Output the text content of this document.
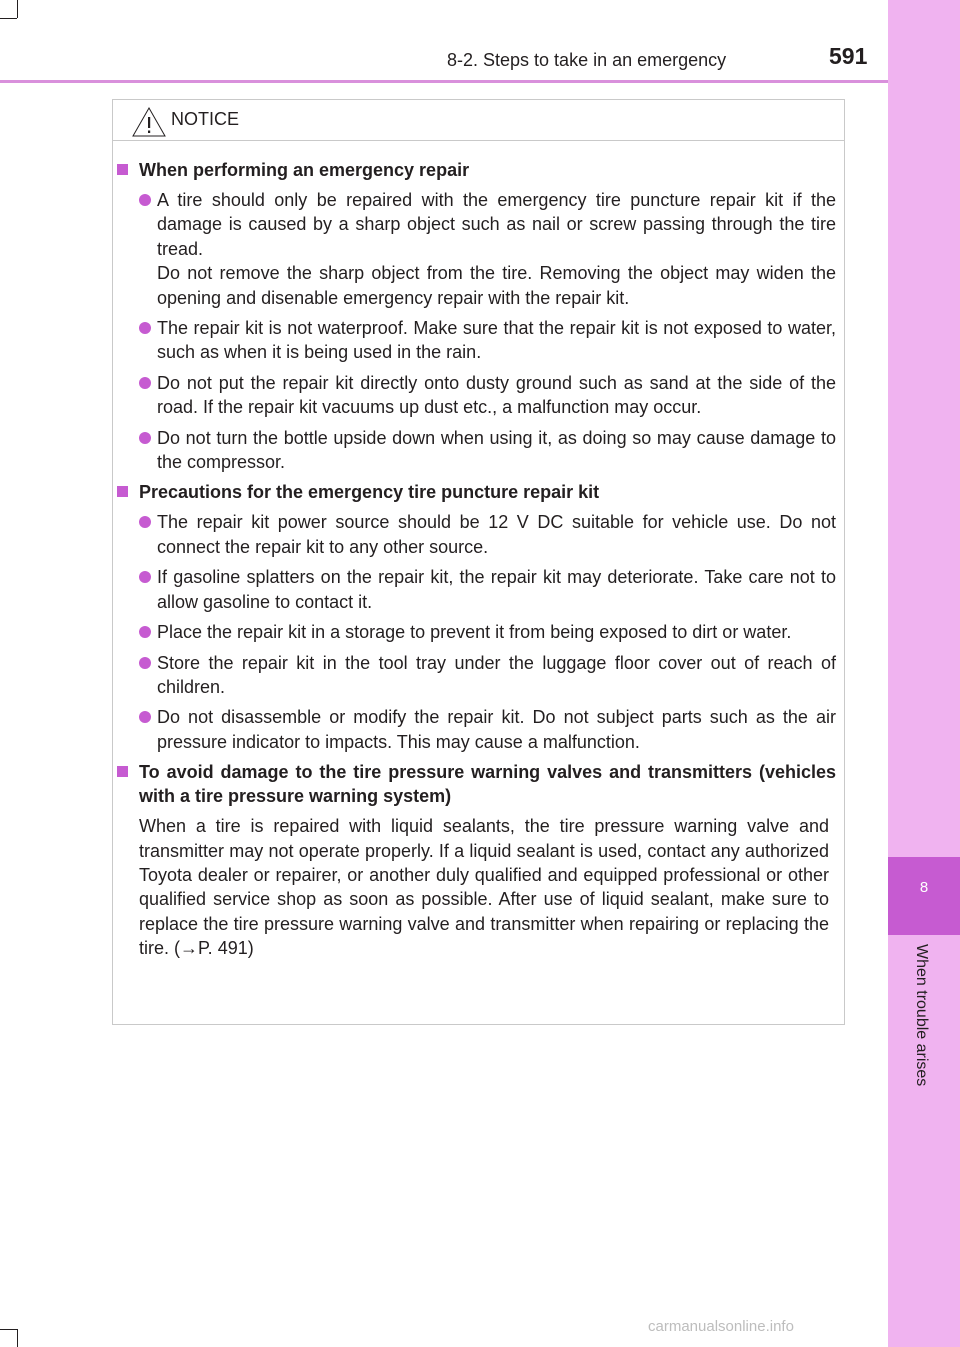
8
When trouble arises
8-2. Steps to take in an emergency	591
NOTICE
When performing an emergency repair

A tire should only be repaired with the emergency tire puncture repair kit if the damage is caused by a sharp object such as nail or screw passing through the tire tread.

Do not remove the sharp object from the tire. Removing the object may widen the opening and disenable emergency repair with the repair kit.

The repair kit is not waterproof. Make sure that the repair kit is not exposed to water, such as when it is being used in the rain.

Do not put the repair kit directly onto dusty ground such as sand at the side of the road. If the repair kit vacuums up dust etc., a malfunction may occur.

Do not turn the bottle upside down when using it, as doing so may cause damage to the compressor.

Precautions for the emergency tire puncture repair kit

The repair kit power source should be 12 V DC suitable for vehicle use. Do not connect the repair kit to any other source.

If gasoline splatters on the repair kit, the repair kit may deteriorate. Take care not to allow gasoline to contact it.

Place the repair kit in a storage to prevent it from being exposed to dirt or water.

Store the repair kit in the tool tray under the luggage floor cover out of reach of children.

Do not disassemble or modify the repair kit. Do not subject parts such as the air pressure indicator to impacts. This may cause a malfunction.

To avoid damage to the tire pressure warning valves and transmitters (vehicles with a tire pressure warning system)

When a tire is repaired with liquid sealants, the tire pressure warning valve and transmitter may not operate properly. If a liquid sealant is used, contact any authorized Toyota dealer or repairer, or another duly qualified and equipped professional or other qualified service shop as soon as possible. After use of liquid sealant, make sure to replace the tire pressure warning valve and transmitter when repairing or replacing the tire. (→P. 491)

carmanualsonline.info
